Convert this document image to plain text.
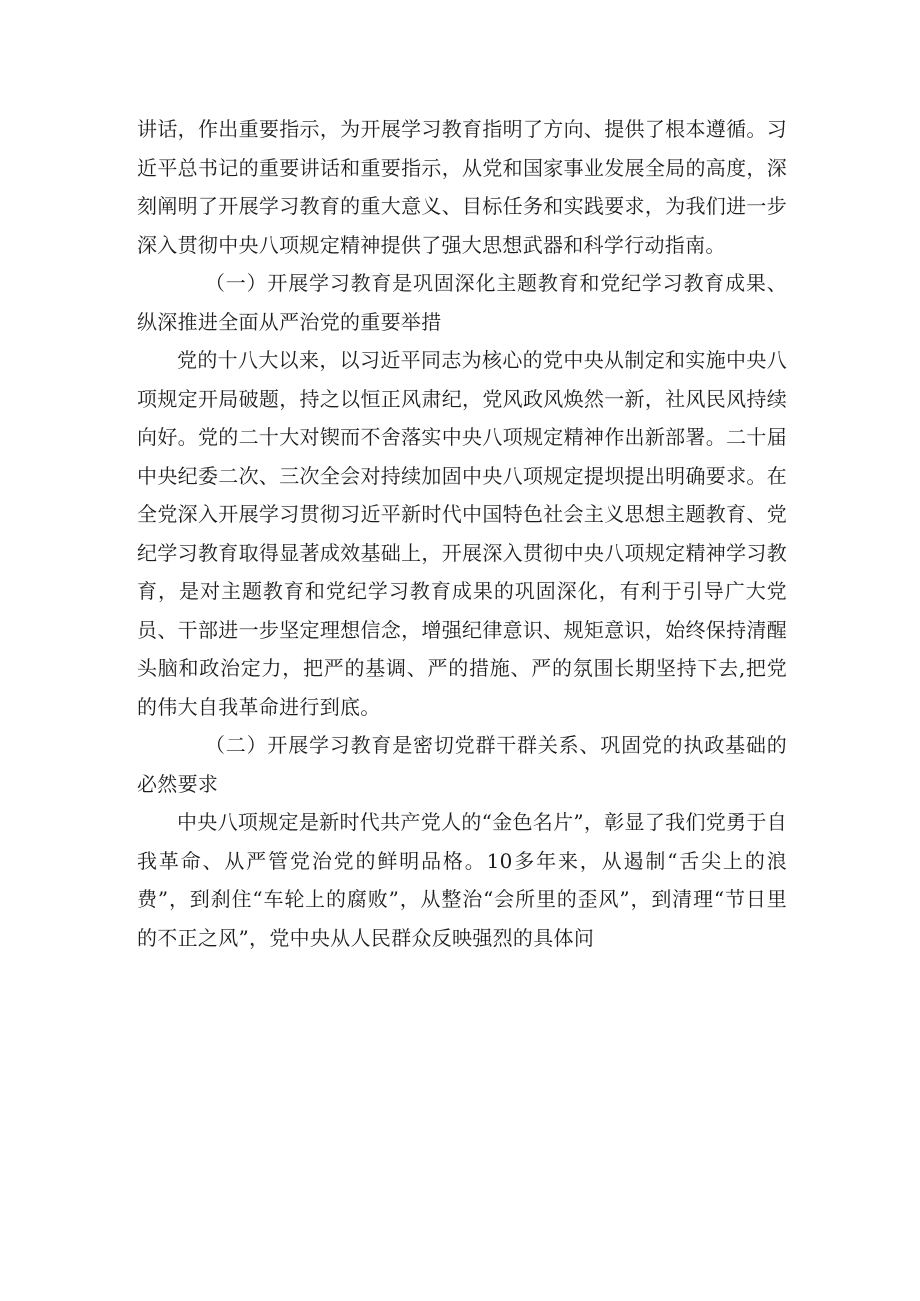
讲话，作出重要指示，为开展学习教育指明了方向、提供了根本遵循。习近平总书记的重要讲话和重要指示，从党和国家事业发展全局的高度，深刻阐明了开展学习教育的重大意义、目标任务和实践要求，为我们进一步深入贯彻中央八项规定精神提供了强大思想武器和科学行动指南。

（一）开展学习教育是巩固深化主题教育和党纪学习教育成果、纵深推进全面从严治党的重要举措

党的十八大以来，以习近平同志为核心的党中央从制定和实施中央八项规定开局破题，持之以恒正风肃纪，党风政风焕然一新，社风民风持续向好。党的二十大对锲而不舍落实中央八项规定精神作出新部署。二十届中央纪委二次、三次全会对持续加固中央八项规定提坝提出明确要求。在全党深入开展学习贯彻习近平新时代中国特色社会主义思想主题教育、党纪学习教育取得显著成效基础上，开展深入贯彻中央八项规定精神学习教育，是对主题教育和党纪学习教育成果的巩固深化，有利于引导广大党员、干部进一步坚定理想信念，增强纪律意识、规矩意识，始终保持清醒头脑和政治定力，把严的基调、严的措施、严的氛围长期坚持下去,把党的伟大自我革命进行到底。

（二）开展学习教育是密切党群干群关系、巩固党的执政基础的必然要求

中央八项规定是新时代共产党人的“金色名片”，彰显了我们党勇于自我革命、从严管党治党的鲜明品格。10多年来，从遏制“舌尖上的浪费”，到刹住“车轮上的腐败”，从整治“会所里的歪风”，到清理“节日里的不正之风”，党中央从人民群众反映强烈的具体问
